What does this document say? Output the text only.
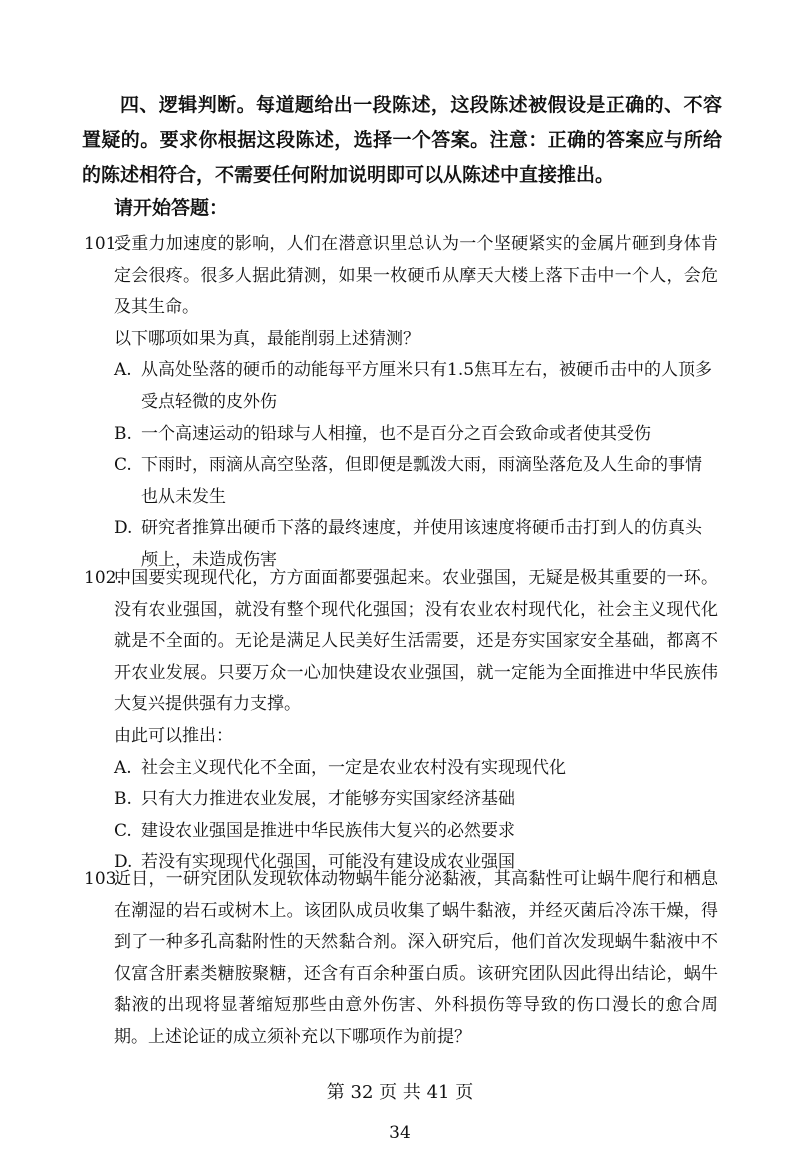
四、逻辑判断。每道题给出一段陈述，这段陈述被假设是正确的、不容置疑的。要求你根据这段陈述，选择一个答案。注意：正确的答案应与所给的陈述相符合，不需要任何附加说明即可以从陈述中直接推出。

请开始答题：

101.
受重力加速度的影响，人们在潜意识里总认为一个坚硬紧实的金属片砸到身体肯定会很疼。很多人据此猜测，如果一枚硬币从摩天大楼上落下击中一个人，会危及其生命。

以下哪项如果为真，最能削弱上述猜测？

A. 从高处坠落的硬币的动能每平方厘米只有1.5焦耳左右，被硬币击中的人顶多受点轻微的皮外伤

B. 一个高速运动的铅球与人相撞，也不是百分之百会致命或者使其受伤

C. 下雨时，雨滴从高空坠落，但即便是瓢泼大雨，雨滴坠落危及人生命的事情也从未发生

D. 研究者推算出硬币下落的最终速度，并使用该速度将硬币击打到人的仿真头颅上，未造成伤害

102.
中国要实现现代化，方方面面都要强起来。农业强国，无疑是极其重要的一环。没有农业强国，就没有整个现代化强国；没有农业农村现代化，社会主义现代化就是不全面的。无论是满足人民美好生活需要，还是夯实国家安全基础，都离不开农业发展。只要万众一心加快建设农业强国，就一定能为全面推进中华民族伟大复兴提供强有力支撑。

由此可以推出：

A. 社会主义现代化不全面，一定是农业农村没有实现现代化

B. 只有大力推进农业发展，才能够夯实国家经济基础

C. 建设农业强国是推进中华民族伟大复兴的必然要求

D. 若没有实现现代化强国，可能没有建设成农业强国

103.
近日，一研究团队发现软体动物蜗牛能分泌黏液，其高黏性可让蜗牛爬行和栖息在潮湿的岩石或树木上。该团队成员收集了蜗牛黏液，并经灭菌后冷冻干燥，得到了一种多孔高黏附性的天然黏合剂。深入研究后，他们首次发现蜗牛黏液中不仅富含肝素类糖胺聚糖，还含有百余种蛋白质。该研究团队因此得出结论，蜗牛黏液的出现将显著缩短那些由意外伤害、外科损伤等导致的伤口漫长的愈合周期。上述论证的成立须补充以下哪项作为前提？

第 32 页 共 41 页
34
